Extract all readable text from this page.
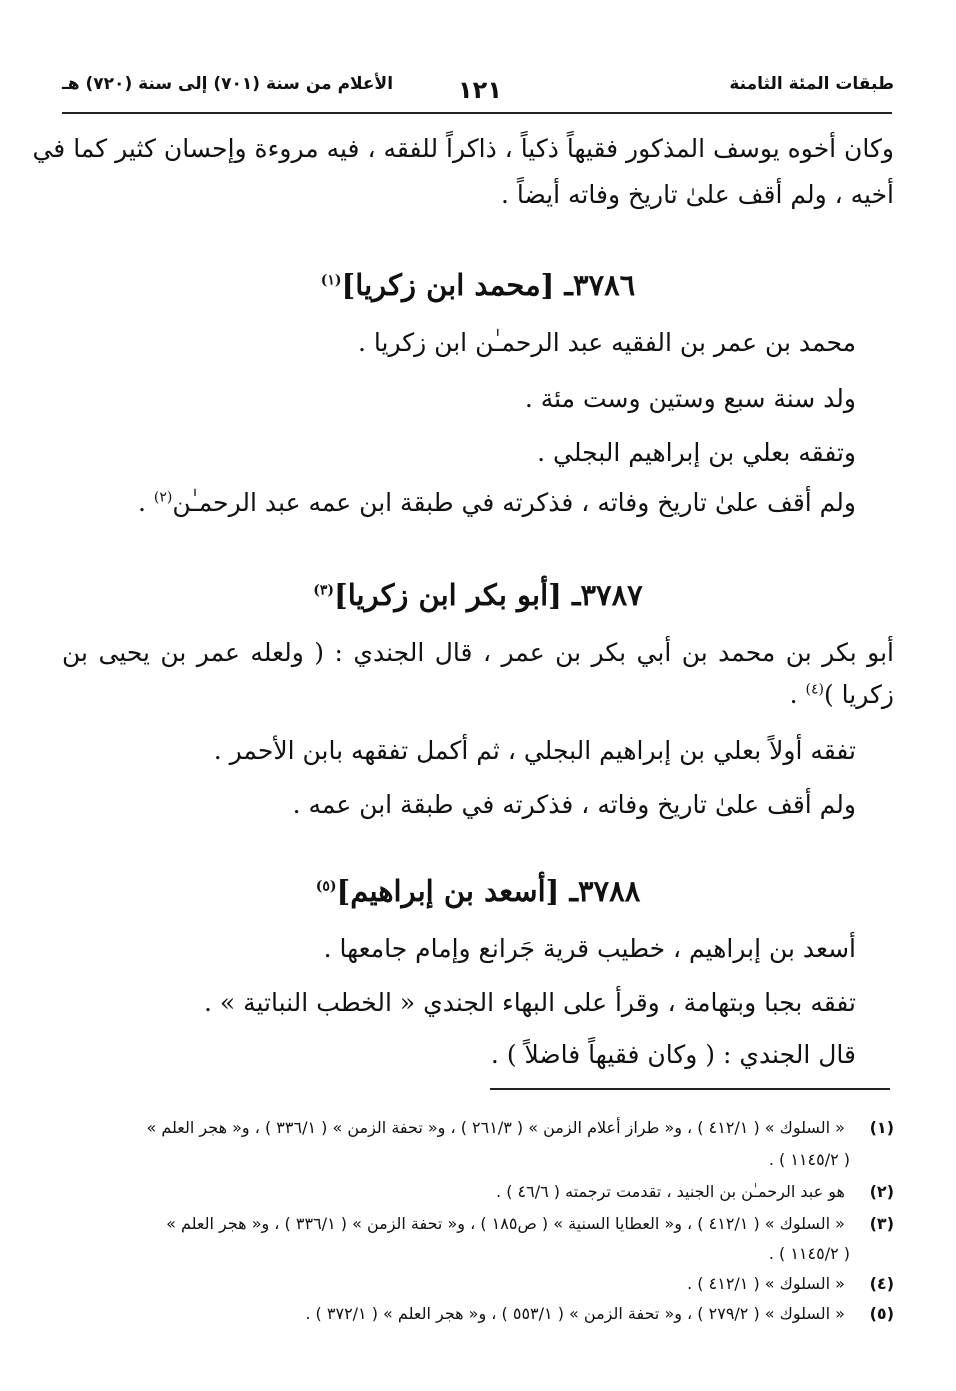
طبقات المئة الثامنة
١٢١
الأعلام من سنة (٧٠١) إلى سنة (٧٢٠) هـ
وكان أخوه يوسف المذكور فقيهاً ذكياً ، ذاكراً للفقه ، فيه مروءة وإحسان كثير كما في
أخيه ، ولم أقف علىٰ تاريخ وفاته أيضاً .
٣٧٨٦ـ [محمد ابن زكريا]$^{(١)}$
محمد بن عمر بن الفقيه عبد الرحمـٰن ابن زكريا .
ولد سنة سبع وستين وست مئة .
وتفقه بعلي بن إبراهيم البجلي .
ولم أقف علىٰ تاريخ وفاته ، فذكرته في طبقة ابن عمه عبد الرحمـٰن$^{(٢)}$ .
٣٧٨٧ـ [أبو بكر ابن زكريا]$^{(٣)}$
أبو بكر بن محمد بن أبي بكر بن عمر ، قال الجندي : ( ولعله عمر بن يحيى بن
زكريا )$^{(٤)}$ .
تفقه أولاً بعلي بن إبراهيم البجلي ، ثم أكمل تفقهه بابن الأحمر .
ولم أقف علىٰ تاريخ وفاته ، فذكرته في طبقة ابن عمه .
٣٧٨٨ـ [أسعد بن إبراهيم]$^{(٥)}$
أسعد بن إبراهيم ، خطيب قرية جَرانع وإمام جامعها .
تفقه بجبا وبتهامة ، وقرأ على البهاء الجندي « الخطب النباتية » .
قال الجندي : ( وكان فقيهاً فاضلاً ) .
(١) « السلوك » ( ٤١٢/١ ) ، و« طراز أعلام الزمن » ( ٢٦١/٣ ) ، و« تحفة الزمن » ( ٣٣٦/١ ) ، و« هجر العلم »
( ١١٤٥/٢ ) .
(٢) هو عبد الرحمـٰن بن الجنيد ، تقدمت ترجمته ( ٤٦/٦ ) .
(٣) « السلوك » ( ٤١٢/١ ) ، و« العطايا السنية » ( ص١٨٥ ) ، و« تحفة الزمن » ( ٣٣٦/١ ) ، و« هجر العلم »
( ١١٤٥/٢ ) .
(٤) « السلوك » ( ٤١٢/١ ) .
(٥) « السلوك » ( ٢٧٩/٢ ) ، و« تحفة الزمن » ( ٥٥٣/١ ) ، و« هجر العلم » ( ٣٧٢/١ ) .
